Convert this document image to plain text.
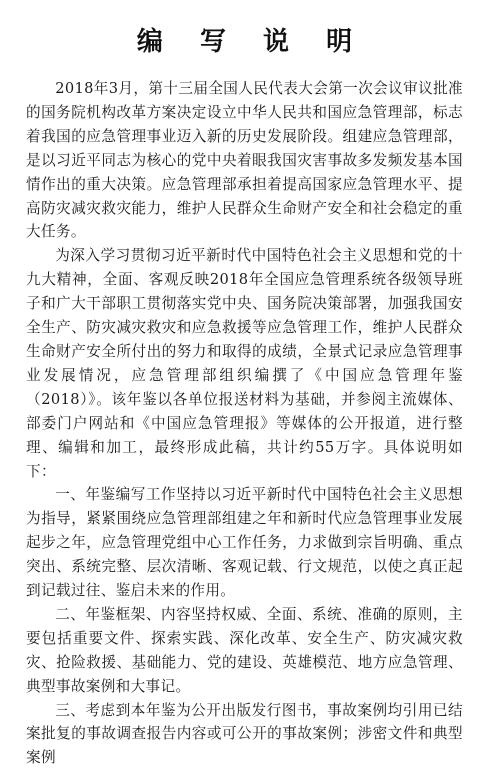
编 写 说 明

2018年3月，第十三届全国人民代表大会第一次会议审议批准的国务院机构改革方案决定设立中华人民共和国应急管理部，标志着我国的应急管理事业迈入新的历史发展阶段。组建应急管理部，是以习近平同志为核心的党中央着眼我国灾害事故多发频发基本国情作出的重大决策。应急管理部承担着提高国家应急管理水平、提高防灾减灾救灾能力，维护人民群众生命财产安全和社会稳定的重大任务。

为深入学习贯彻习近平新时代中国特色社会主义思想和党的十九大精神，全面、客观反映2018年全国应急管理系统各级领导班子和广大干部职工贯彻落实党中央、国务院决策部署，加强我国安全生产、防灾减灾救灾和应急救援等应急管理工作，维护人民群众生命财产安全所付出的努力和取得的成绩，全景式记录应急管理事业发展情况，应急管理部组织编撰了《中国应急管理年鉴（2018）》。该年鉴以各单位报送材料为基础，并参阅主流媒体、部委门户网站和《中国应急管理报》等媒体的公开报道，进行整理、编辑和加工，最终形成此稿，共计约55万字。具体说明如下：

一、年鉴编写工作坚持以习近平新时代中国特色社会主义思想为指导，紧紧围绕应急管理部组建之年和新时代应急管理事业发展起步之年，应急管理党组中心工作任务，力求做到宗旨明确、重点突出、系统完整、层次清晰、客观记载、行文规范，以使之真正起到记载过往、鉴启未来的作用。

二、年鉴框架、内容坚持权威、全面、系统、准确的原则，主要包括重要文件、探索实践、深化改革、安全生产、防灾减灾救灾、抢险救援、基础能力、党的建设、英雄模范、地方应急管理、典型事故案例和大事记。

三、考虑到本年鉴为公开出版发行图书，事故案例均引用已结案批复的事故调查报告内容或可公开的事故案例；涉密文件和典型案例
